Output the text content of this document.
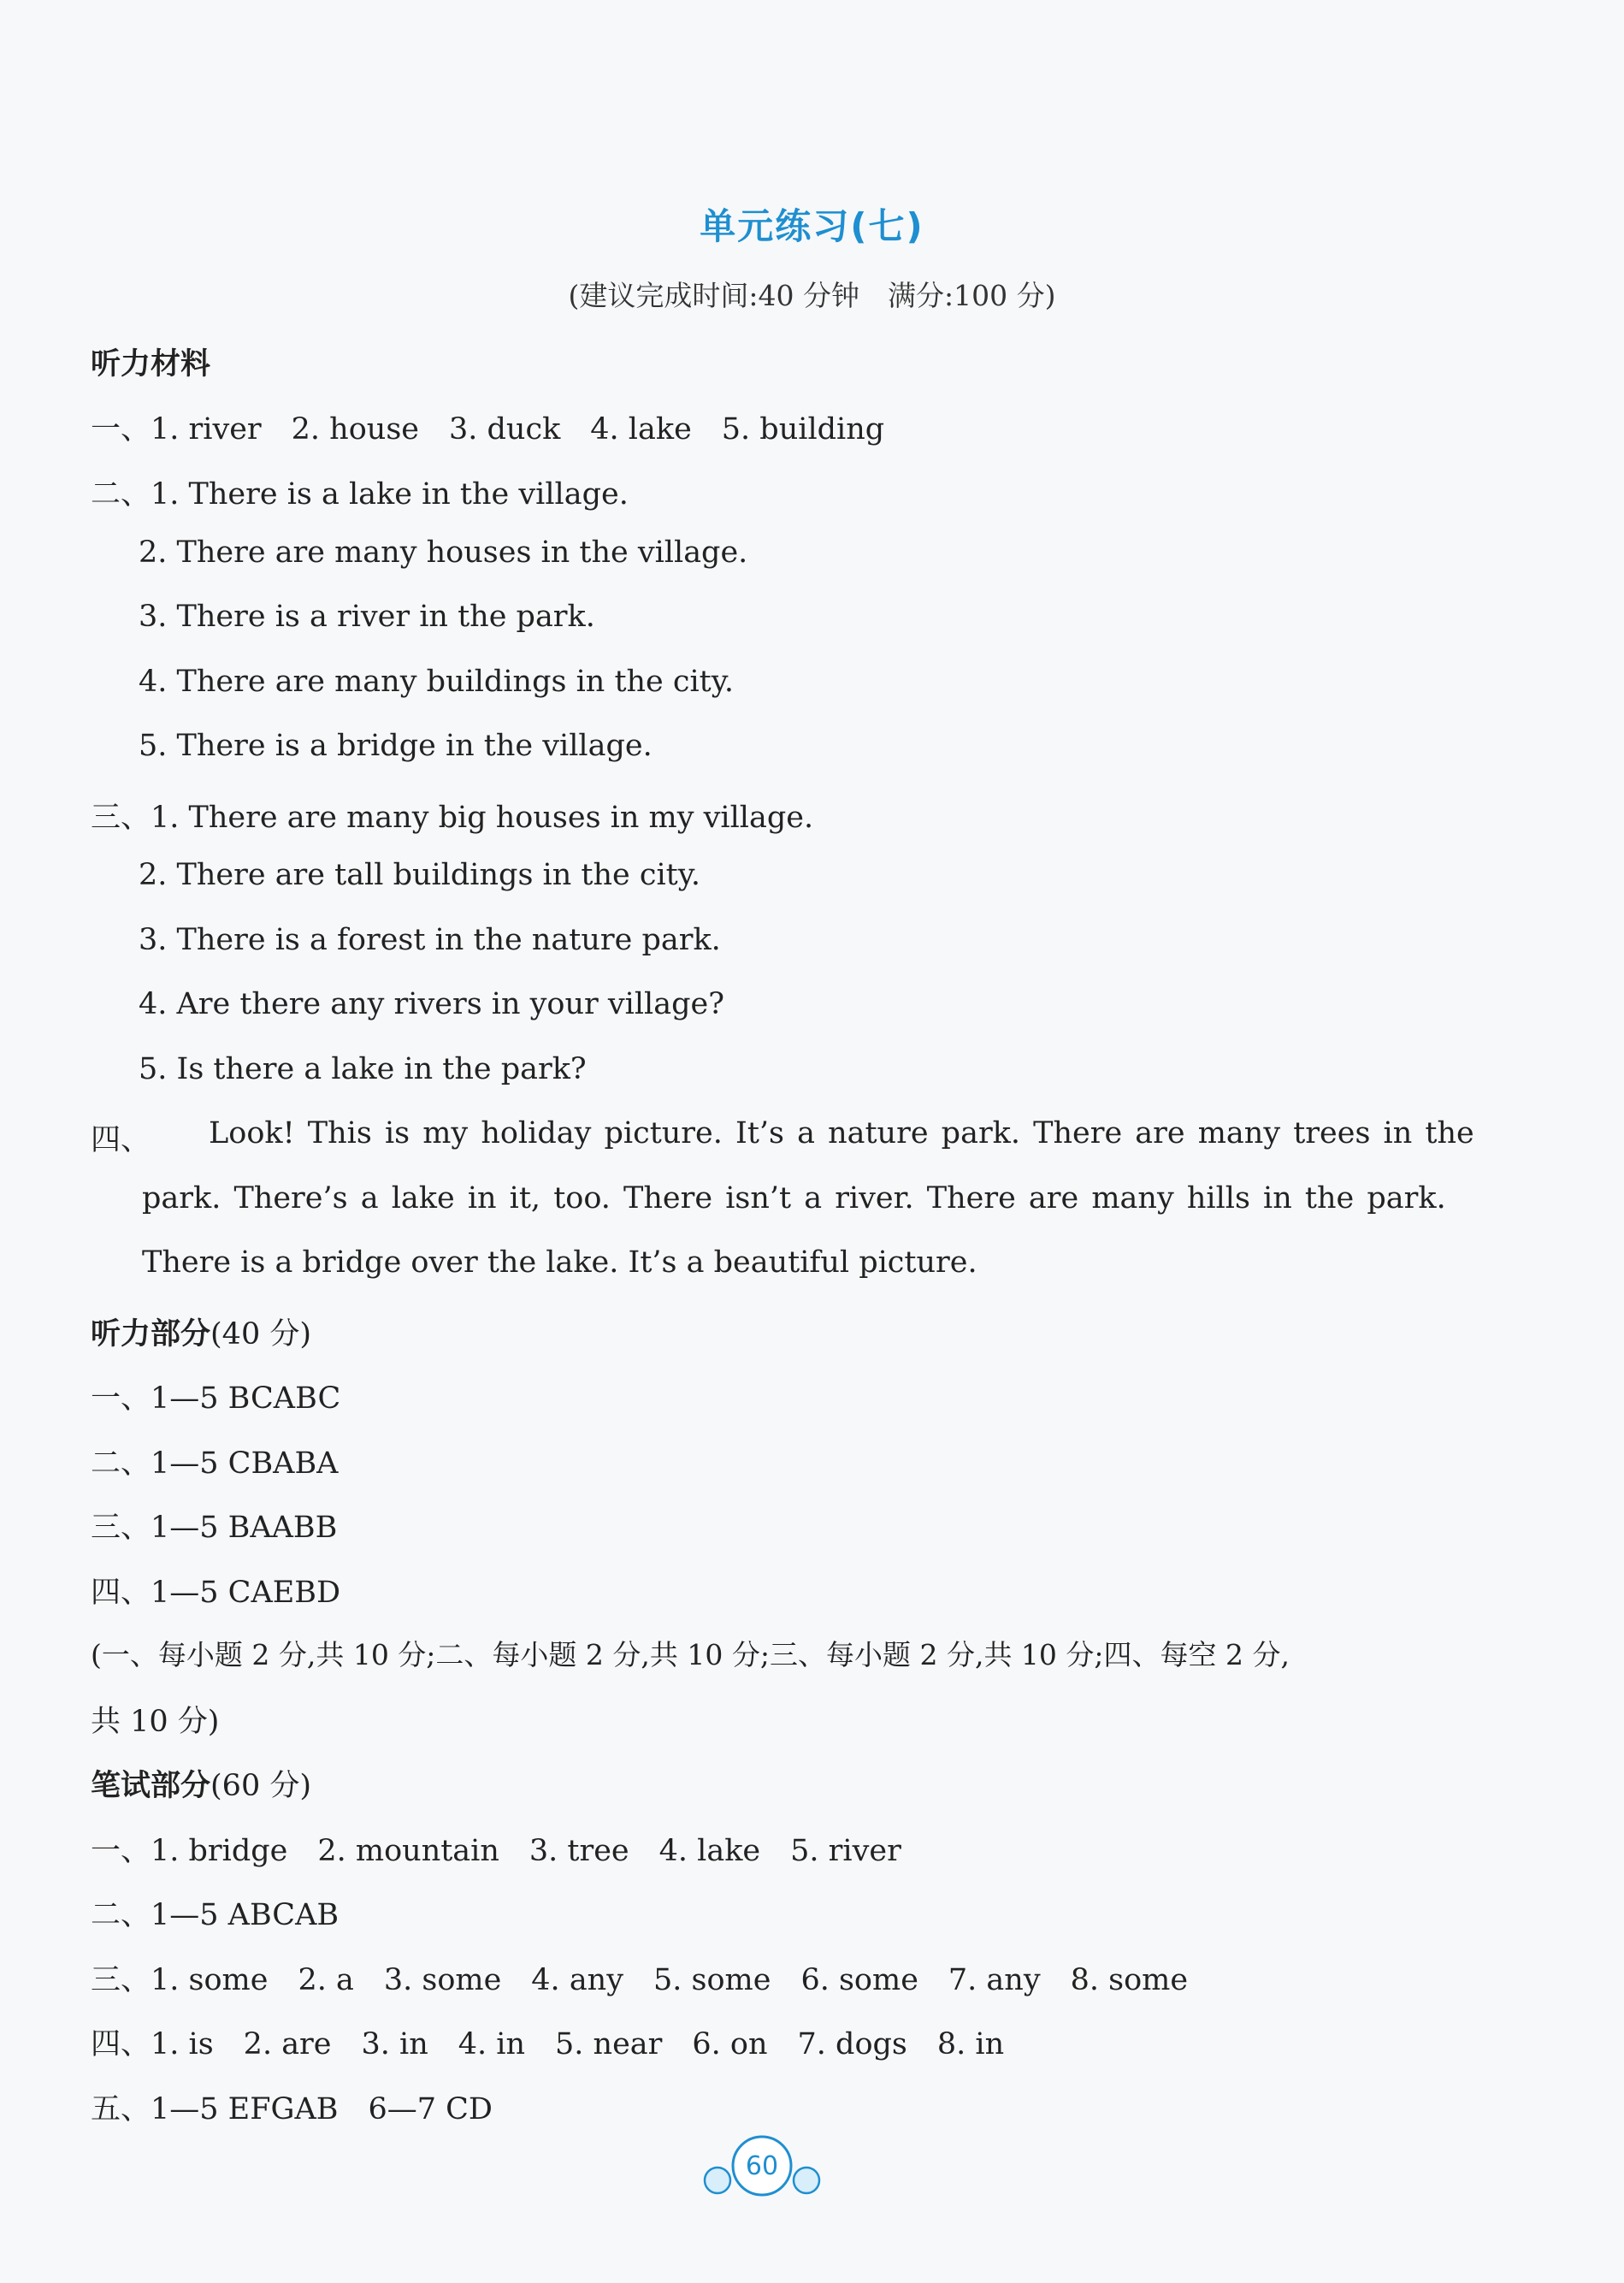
单元练习(七)
(建议完成时间:40 分钟　满分:100 分)
听力材料
一、1. river　2. house　3. duck　4. lake　5. building
二、1. There is a lake in the village.
2. There are many houses in the village.
3. There is a river in the park.
4. There are many buildings in the city.
5. There is a bridge in the village.
三、1. There are many big houses in my village.
2. There are tall buildings in the city.
3. There is a forest in the nature park.
4. Are there any rivers in your village?
5. Is there a lake in the park?
四、 Look! This is my holiday picture. It’s a nature park. There are many trees in the
park. There’s a lake in it, too. There isn’t a river. There are many hills in the park.
There is a bridge over the lake. It’s a beautiful picture.
听力部分(40 分)
一、1—5 BCABC
二、1—5 CBABA
三、1—5 BAABB
四、1—5 CAEBD
(一、每小题 2 分,共 10 分;二、每小题 2 分,共 10 分;三、每小题 2 分,共 10 分;四、每空 2 分,
共 10 分)
笔试部分(60 分)
一、1. bridge　2. mountain　3. tree　4. lake　5. river
二、1—5 ABCAB
三、1. some　2. a　3. some　4. any　5. some　6. some　7. any　8. some
四、1. is　2. are　3. in　4. in　5. near　6. on　7. dogs　8. in
五、1—5 EFGAB　6—7 CD
60
